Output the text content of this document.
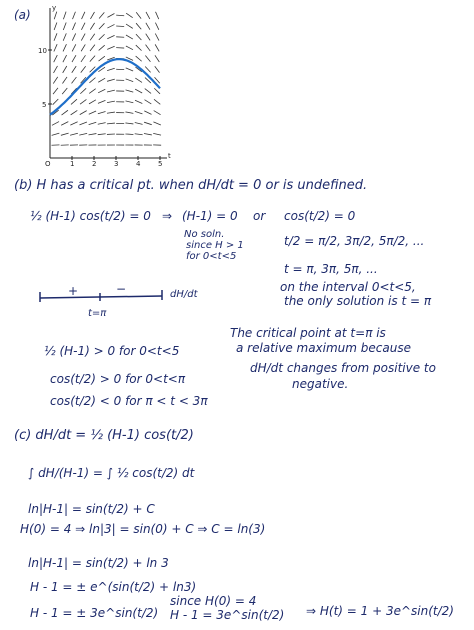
(a)	y
t
10
5
O	1	2	3	4	5
(b) H has a critical pt. when dH/dt = 0 or is undefined.
½ (H-1) cos(t/2) = 0 ⇒ (H-1) = 0 or cos(t/2) = 0
No soln.
since H > 1
for 0<t<5
t/2 = π/2, 3π/2, 5π/2, ...
t = π, 3π, 5π, ...
on the interval 0<t<5,
the only solution is t = π
+	−	dH/dt
t=π
½ (H-1) > 0 for 0<t<5
cos(t/2) > 0 for 0<t<π
cos(t/2) < 0 for π < t < 3π
The critical point at t=π is
a relative maximum because
dH/dt changes from positive to
negative.
(c) dH/dt = ½ (H-1) cos(t/2)
∫ dH/(H-1) = ∫ ½ cos(t/2) dt
ln|H-1| = sin(t/2) + C
H(0) = 4 ⇒ ln|3| = sin(0) + C ⇒ C = ln(3)
ln|H-1| = sin(t/2) + ln 3
H - 1 = ± e^(sin(t/2) + ln3)
H - 1 = ± 3e^sin(t/2)
since H(0) = 4
H - 1 = 3e^sin(t/2) ⇒ H(t) = 1 + 3e^sin(t/2)
